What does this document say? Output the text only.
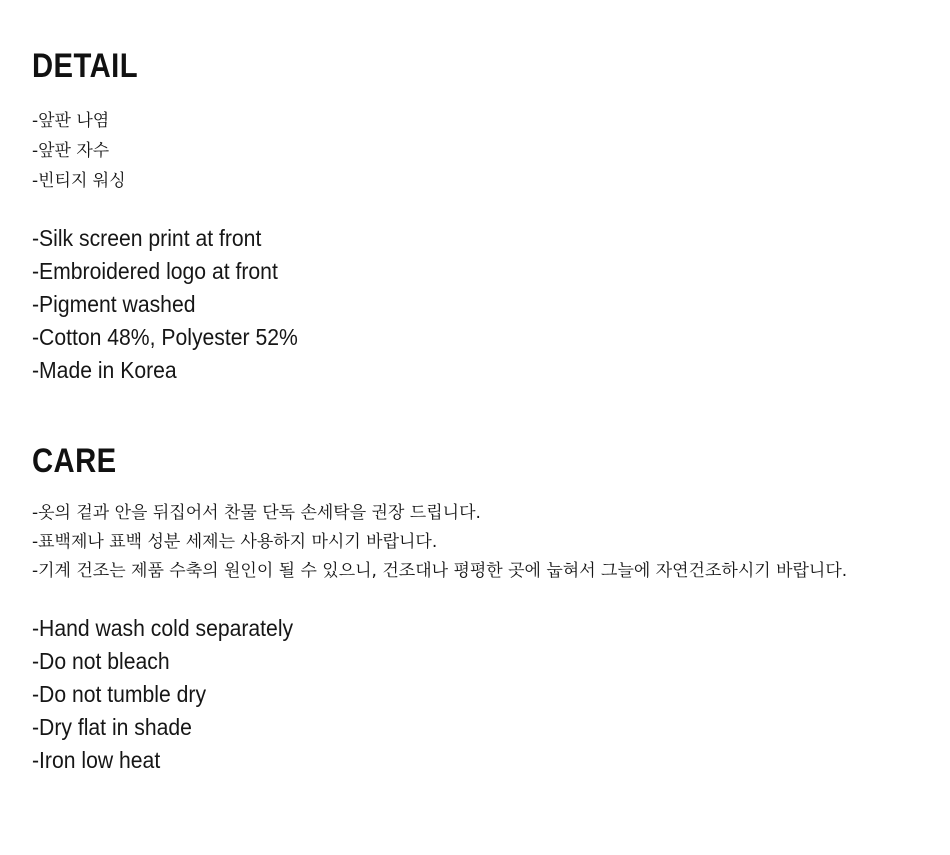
DETAIL
-앞판 나염
-앞판 자수
-빈티지 워싱
-Silk screen print at front
-Embroidered logo at front
-Pigment washed
-Cotton 48%, Polyester 52%
-Made in Korea
CARE
-옷의 겉과 안을 뒤집어서 찬물 단독 손세탁을 권장 드립니다.
-표백제나 표백 성분 세제는 사용하지 마시기 바랍니다.
-기계 건조는 제품 수축의 원인이 될 수 있으니, 건조대나 평평한 곳에 눕혀서 그늘에 자연건조하시기 바랍니다.
-Hand wash cold separately
-Do not bleach
-Do not tumble dry
-Dry flat in shade
-Iron low heat
